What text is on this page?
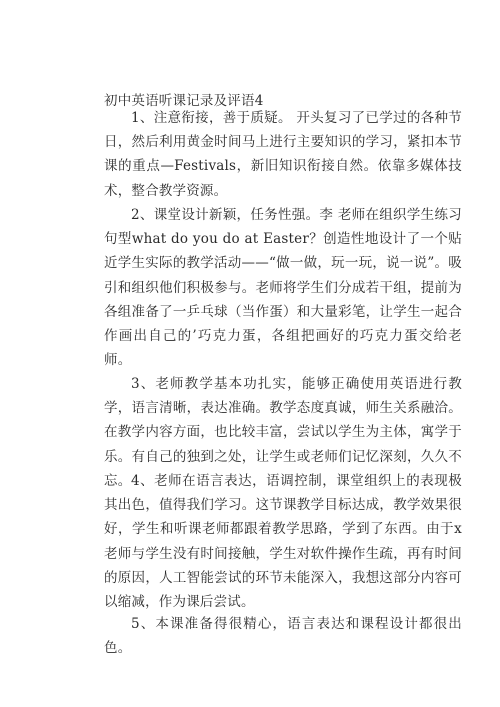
初中英语听课记录及评语4

1、注意衔接，善于质疑。 开头复习了已学过的各种节日，然后利用黄金时间马上进行主要知识的学习，紧扣本节课的重点—Festivals，新旧知识衔接自然。依靠多媒体技术，整合教学资源。

2、课堂设计新颖，任务性强。李 老师在组织学生练习句型what do you do at Easter？创造性地设计了一个贴近学生实际的教学活动——“做一做，玩一玩，说一说”。吸引和组织他们积极参与。老师将学生们分成若干组，提前为各组准备了一乒乓球（当作蛋）和大量彩笔，让学生一起合作画出自己的’巧克力蛋，各组把画好的巧克力蛋交给老师。

3、老师教学基本功扎实，能够正确使用英语进行教学，语言清晰，表达准确。教学态度真诚，师生关系融洽。在教学内容方面，也比较丰富，尝试以学生为主体，寓学于乐。有自己的独到之处，让学生或老师们记忆深刻，久久不忘。 4、老师在语言表达，语调控制，课堂组织上的表现极其出色，值得我们学习。这节课教学目标达成，教学效果很好，学生和听课老师都跟着教学思路，学到了东西。由于x老师与学生没有时间接触，学生对软件操作生疏，再有时间的原因，人工智能尝试的环节未能深入，我想这部分内容可以缩减，作为课后尝试。

5、本课准备得很精心，语言表达和课程设计都很出色。
